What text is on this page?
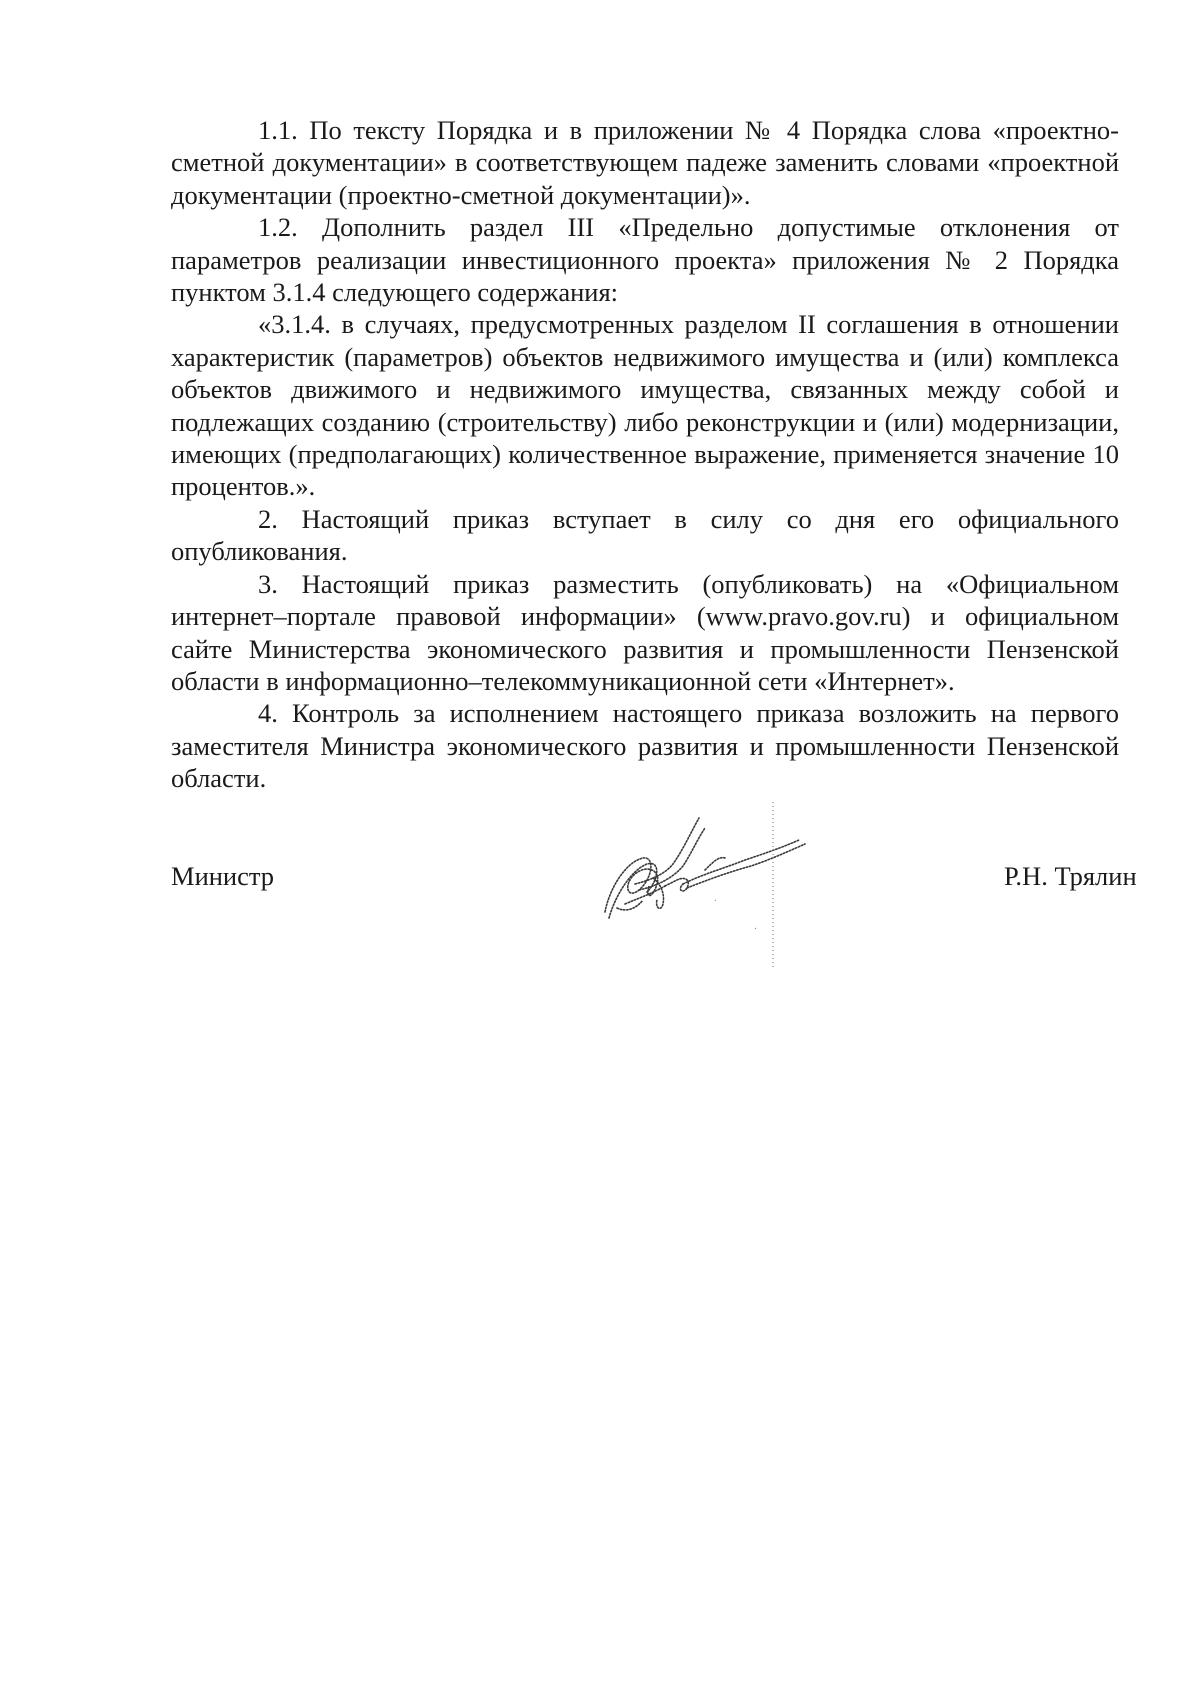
1.1. По тексту Порядка и в приложении № 4 Порядка слова «проектно-сметной документации» в соответствующем падеже заменить словами «проектной документации (проектно-сметной документации)».

1.2. Дополнить раздел III «Предельно допустимые отклонения от параметров реализации инвестиционного проекта» приложения № 2 Порядка пунктом 3.1.4 следующего содержания:

«3.1.4. в случаях, предусмотренных разделом II соглашения в отношении характеристик (параметров) объектов недвижимого имущества и (или) комплекса объектов движимого и недвижимого имущества, связанных между собой и подлежащих созданию (строительству) либо реконструкции и (или) модернизации, имеющих (предполагающих) количественное выражение, применяется значение 10 процентов.».

2. Настоящий приказ вступает в силу со дня его официального опубликования.

3. Настоящий приказ разместить (опубликовать) на «Официальном интернет–портале правовой информации» (www.pravo.gov.ru) и официальном сайте Министерства экономического развития и промышленности Пензенской области в информационно–телекоммуникационной сети «Интернет».

4. Контроль за исполнением настоящего приказа возложить на первого заместителя Министра экономического развития и промышленности Пензенской области.

Министр	Р.Н. Трялин
